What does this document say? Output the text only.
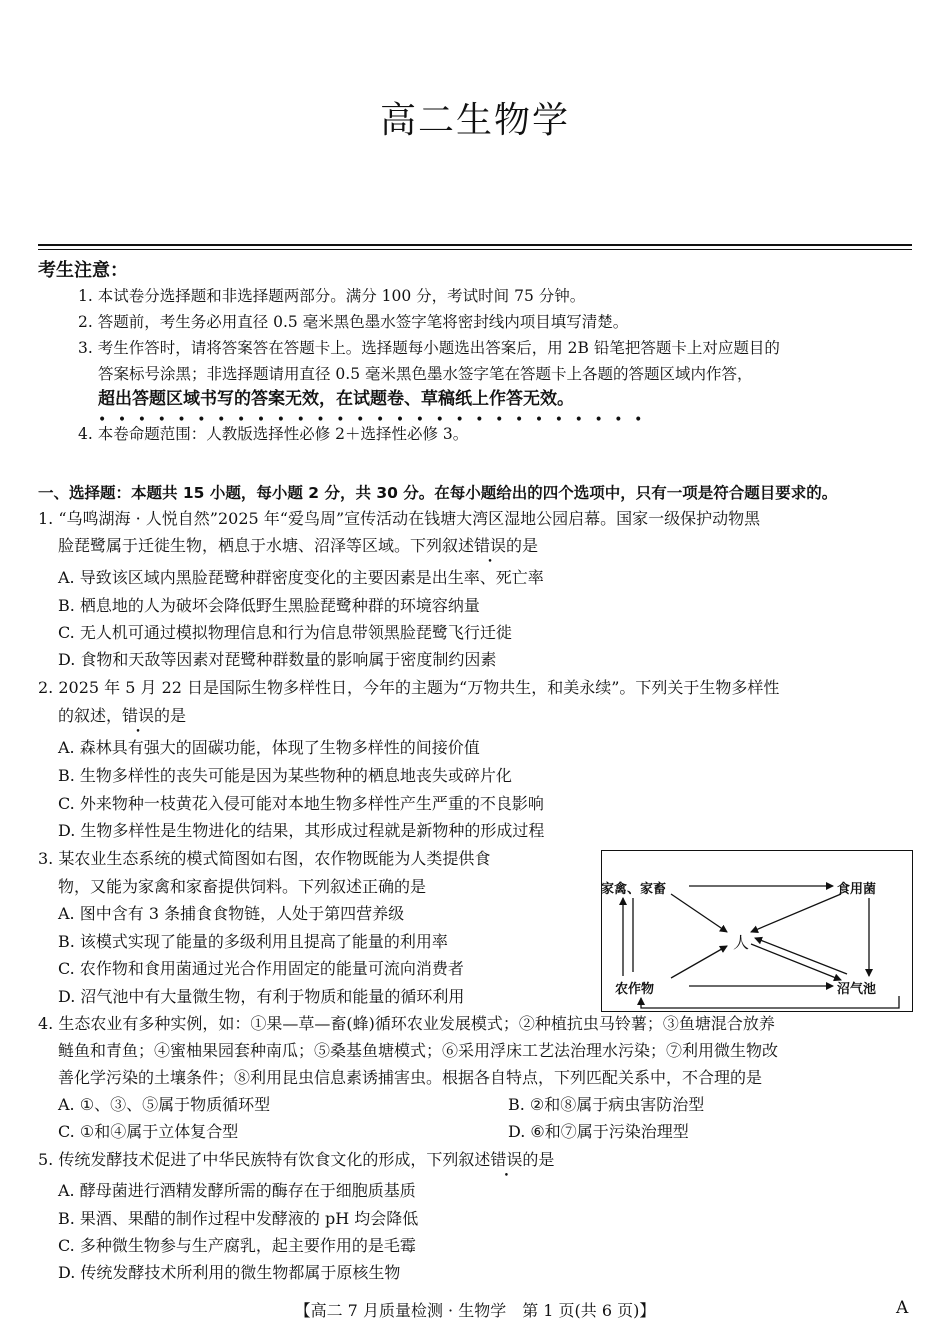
高二生物学
考生注意：
1. 本试卷分选择题和非选择题两部分。满分 100 分，考试时间 75 分钟。
2. 答题前，考生务必用直径 0.5 毫米黑色墨水签字笔将密封线内项目填写清楚。
3. 考生作答时，请将答案答在答题卡上。选择题每小题选出答案后，用 2B 铅笔把答题卡上对应题目的
答案标号涂黑；非选择题请用直径 0.5 毫米黑色墨水签字笔在答题卡上各题的答题区域内作答，
超出答题区域书写的答案无效，在试题卷、草稿纸上作答无效。
••••••••••••••••••••••••••••
4. 本卷命题范围：人教版选择性必修 2＋选择性必修 3。
一、选择题：本题共 15 小题，每小题 2 分，共 30 分。在每小题给出的四个选项中，只有一项是符合题目要求的。
1. “乌鸣湖海 · 人悦自然”2025 年“爱鸟周”宣传活动在钱塘大湾区湿地公园启幕。国家一级保护动物黑
脸琵鹭属于迁徙生物，栖息于水塘、沼泽等区域。下列叙述错误的是
A. 导致该区域内黑脸琵鹭种群密度变化的主要因素是出生率、死亡率
B. 栖息地的人为破坏会降低野生黑脸琵鹭种群的环境容纳量
C. 无人机可通过模拟物理信息和行为信息带领黑脸琵鹭飞行迁徙
D. 食物和天敌等因素对琵鹭种群数量的影响属于密度制约因素
2. 2025 年 5 月 22 日是国际生物多样性日，今年的主题为“万物共生，和美永续”。下列关于生物多样性
的叙述，错误的是
A. 森林具有强大的固碳功能，体现了生物多样性的间接价值
B. 生物多样性的丧失可能是因为某些物种的栖息地丧失或碎片化
C. 外来物种一枝黄花入侵可能对本地生物多样性产生严重的不良影响
D. 生物多样性是生物进化的结果，其形成过程就是新物种的形成过程
3. 某农业生态系统的模式简图如右图，农作物既能为人类提供食
物，又能为家禽和家畜提供饲料。下列叙述正确的是
A. 图中含有 3 条捕食食物链，人处于第四营养级
B. 该模式实现了能量的多级利用且提高了能量的利用率
C. 农作物和食用菌通过光合作用固定的能量可流向消费者
D. 沼气池中有大量微生物，有利于物质和能量的循环利用
家禽、家畜	食用菌
人
农作物	沼气池
4. 生态农业有多种实例，如：①果—草—畜(蜂)循环农业发展模式；②种植抗虫马铃薯；③鱼塘混合放养
鲢鱼和青鱼；④蜜柚果园套种南瓜；⑤桑基鱼塘模式；⑥采用浮床工艺法治理水污染；⑦利用微生物改
善化学污染的土壤条件；⑧利用昆虫信息素诱捕害虫。根据各自特点，下列匹配关系中，不合理的是
A. ①、③、⑤属于物质循环型	B. ②和⑧属于病虫害防治型
C. ①和④属于立体复合型	D. ⑥和⑦属于污染治理型
5. 传统发酵技术促进了中华民族特有饮食文化的形成，下列叙述错误的是
A. 酵母菌进行酒精发酵所需的酶存在于细胞质基质
B. 果酒、果醋的制作过程中发酵液的 pH 均会降低
C. 多种微生物参与生产腐乳，起主要作用的是毛霉
D. 传统发酵技术所利用的微生物都属于原核生物
【高二 7 月质量检测 · 生物学　第 1 页(共 6 页)】	A
